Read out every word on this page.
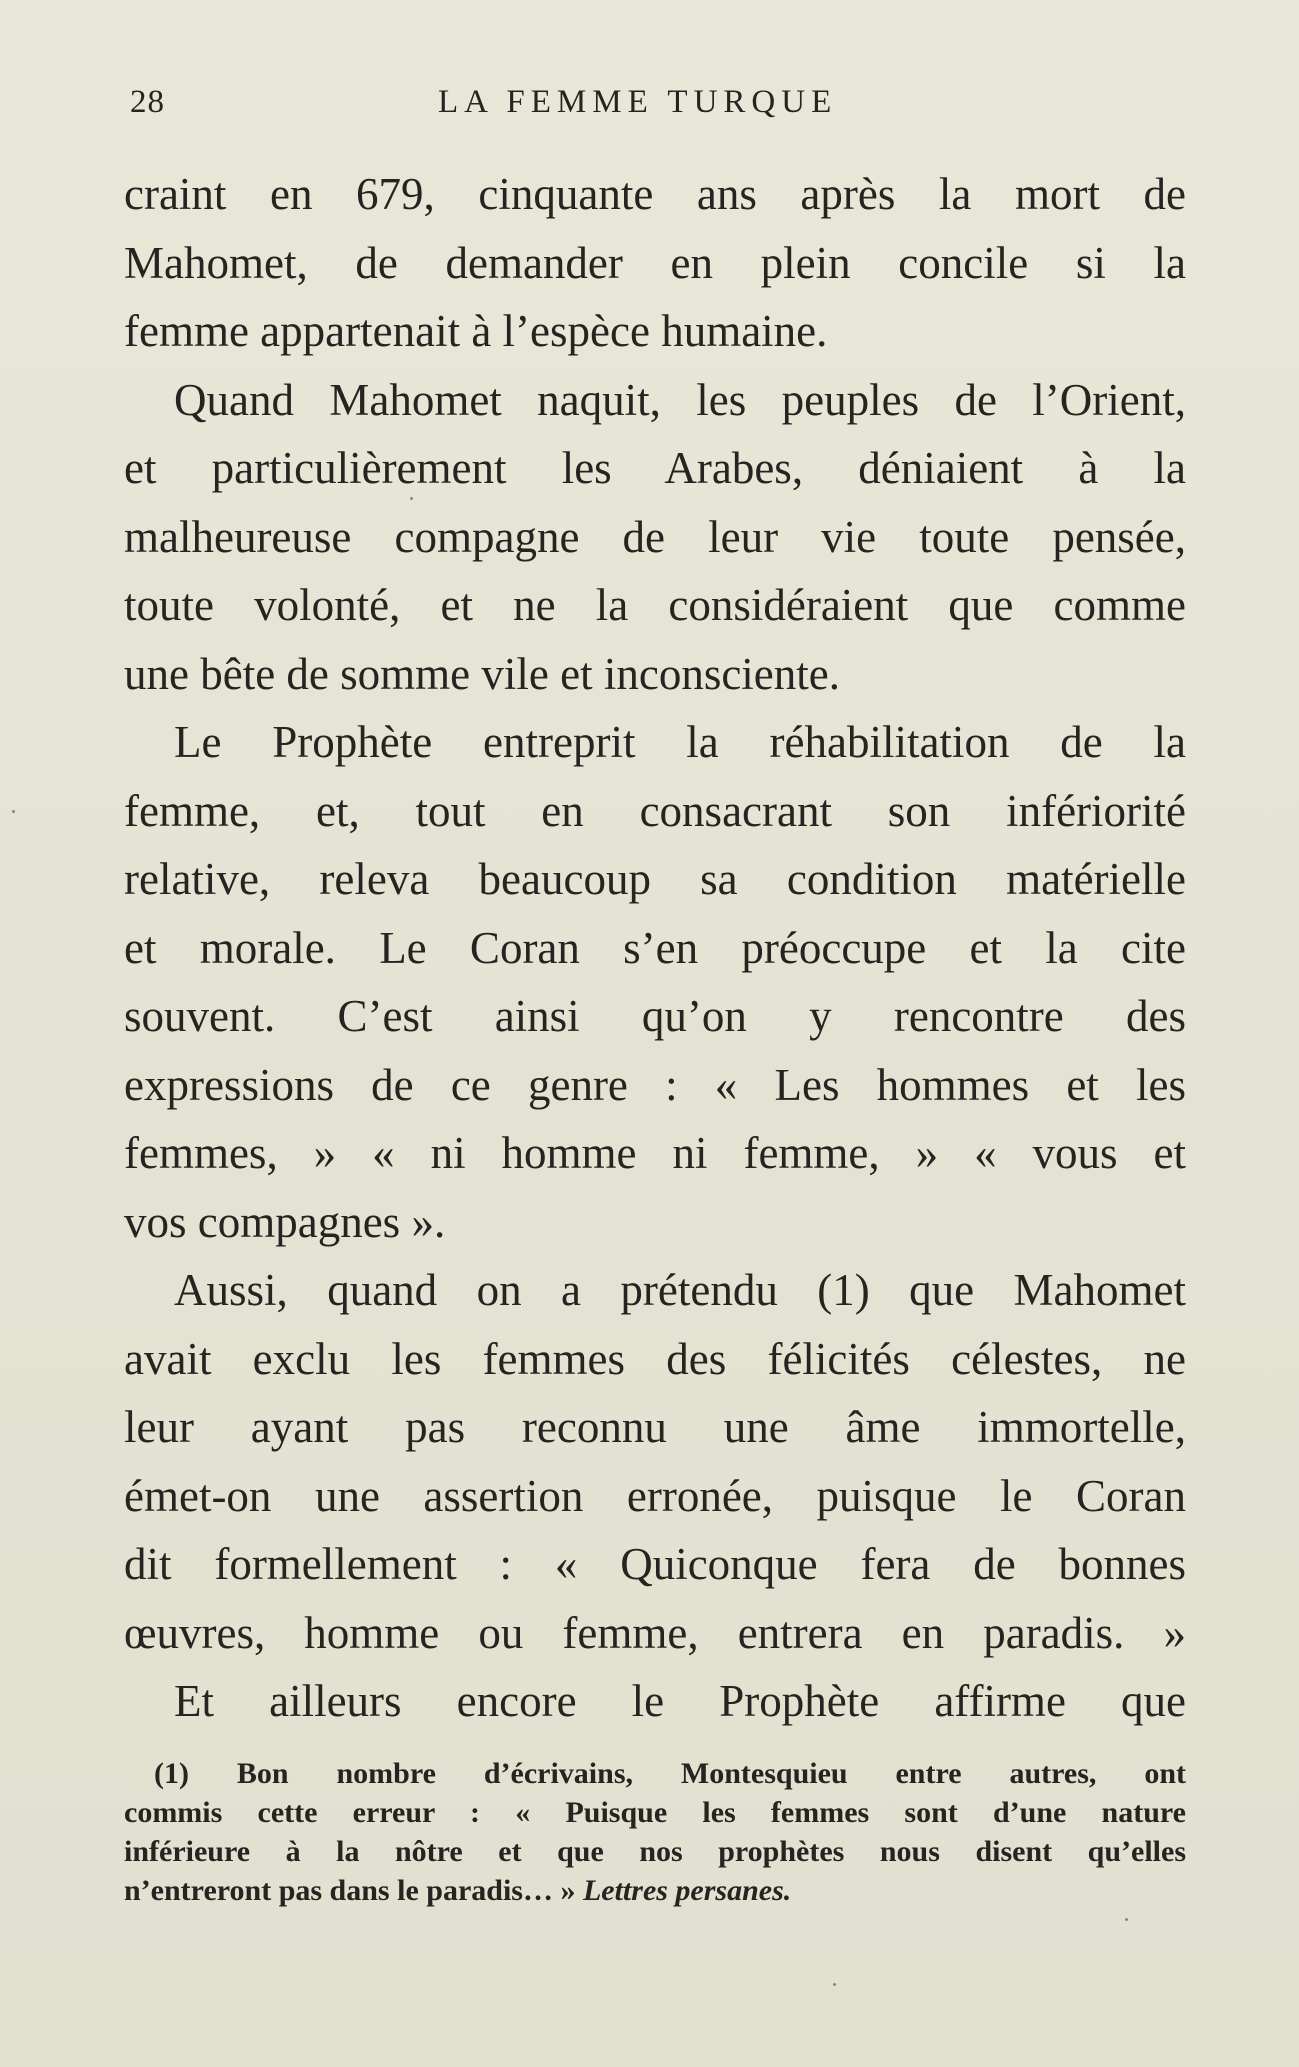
28	LA FEMME TURQUE
craint en 679, cinquante ans après la mort de
Mahomet, de demander en plein concile si la
femme appartenait à l’espèce humaine.
Quand Mahomet naquit, les peuples de l’Orient,
et particulièrement les Arabes, déniaient à la
malheureuse compagne de leur vie toute pensée,
toute volonté, et ne la considéraient que comme
une bête de somme vile et inconsciente.
Le Prophète entreprit la réhabilitation de la
femme, et, tout en consacrant son infériorité
relative, releva beaucoup sa condition matérielle
et morale. Le Coran s’en préoccupe et la cite
souvent. C’est ainsi qu’on y rencontre des
expressions de ce genre : « Les hommes et les
femmes, » « ni homme ni femme, » « vous et
vos compagnes ».
Aussi, quand on a prétendu (1) que Mahomet
avait exclu les femmes des félicités célestes, ne
leur ayant pas reconnu une âme immortelle,
émet-on une assertion erronée, puisque le Coran
dit formellement : « Quiconque fera de bonnes
œuvres, homme ou femme, entrera en paradis. »
Et ailleurs encore le Prophète affirme que
(1) Bon nombre d’écrivains, Montesquieu entre autres, ont
commis cette erreur : « Puisque les femmes sont d’une nature
inférieure à la nôtre et que nos prophètes nous disent qu’elles
n’entreront pas dans le paradis… » Lettres persanes.
